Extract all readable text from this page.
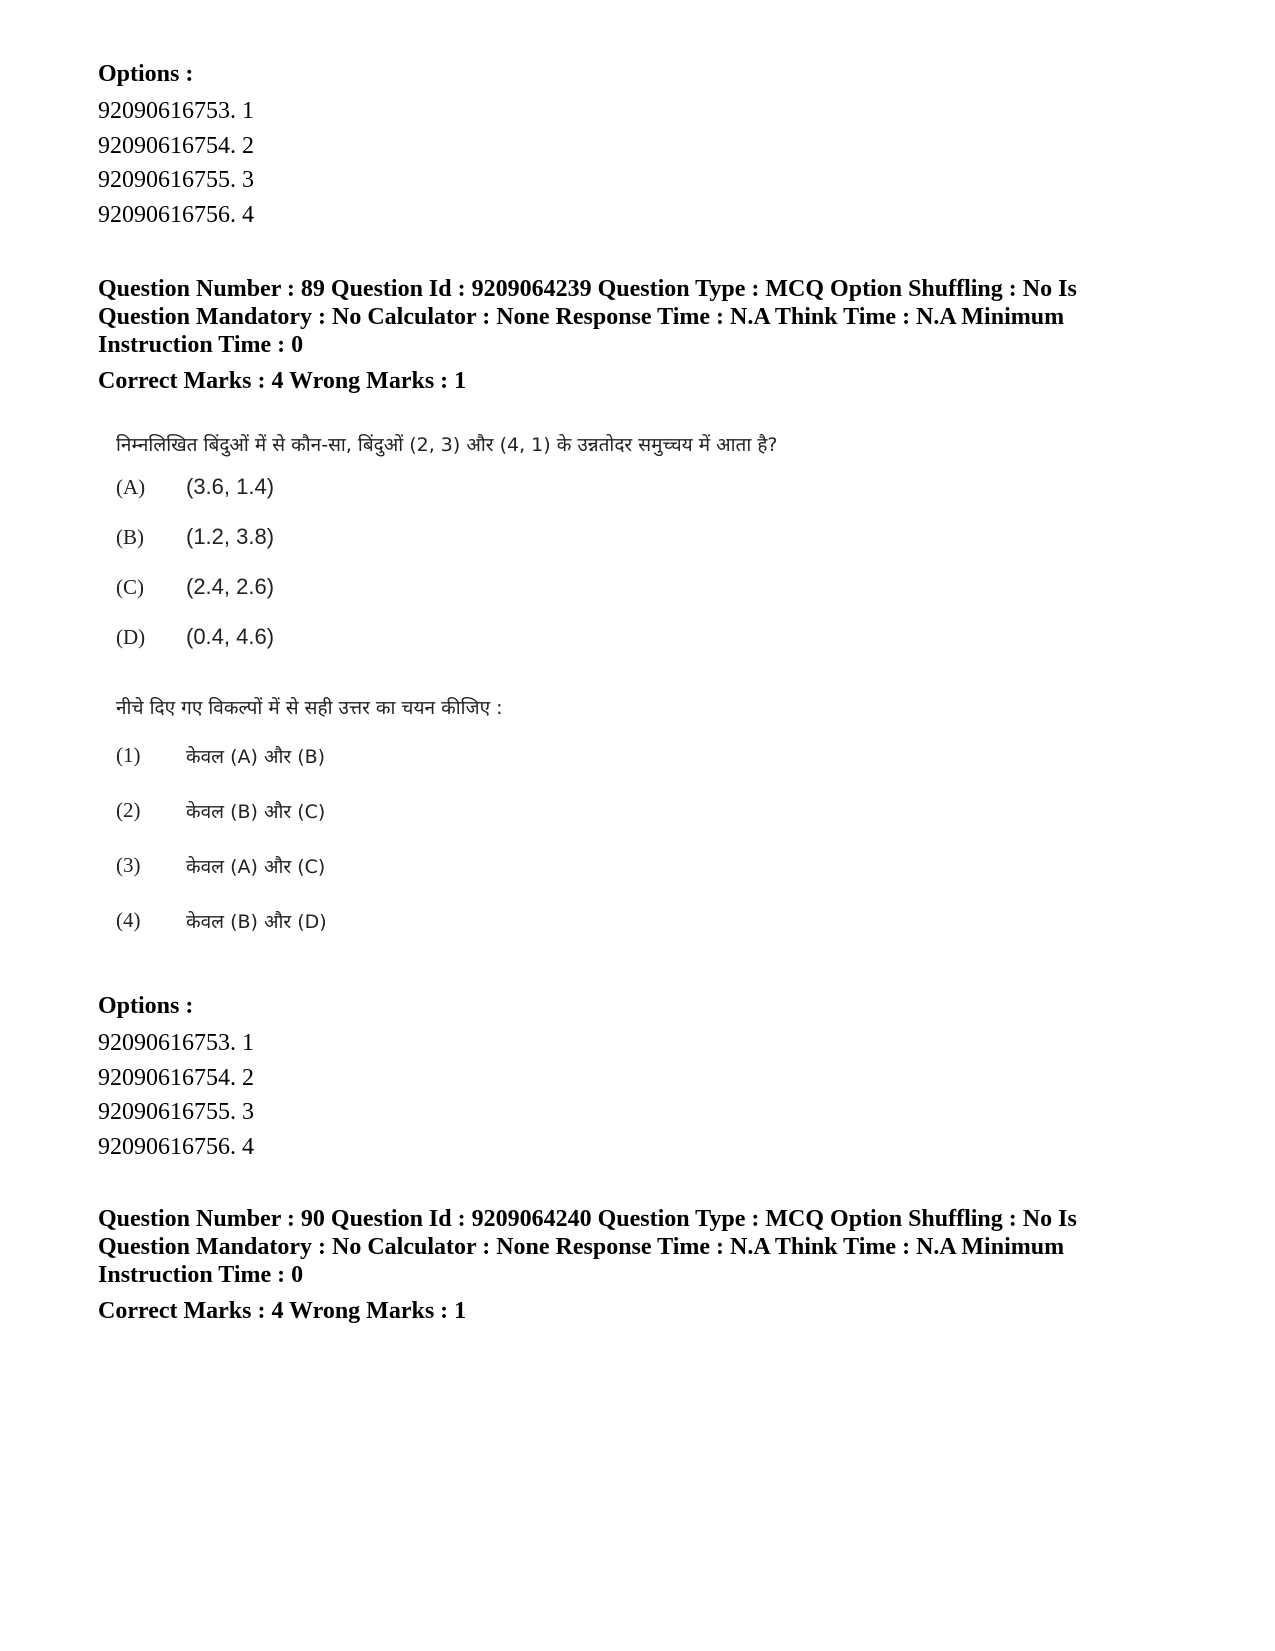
Options :

92090616753. 1
92090616754. 2
92090616755. 3
92090616756. 4

Question Number : 89 Question Id : 9209064239 Question Type : MCQ Option Shuffling : No Is Question Mandatory : No Calculator : None Response Time : N.A Think Time : N.A Minimum Instruction Time : 0

Correct Marks : 4 Wrong Marks : 1

निम्नलिखित बिंदुओं में से कौन-सा, बिंदुओं (2, 3) और (4, 1) के उन्नतोदर समुच्चय में आता है?
(A)	(3.6, 1.4)
(B)	(1.2, 3.8)
(C)	(2.4, 2.6)
(D)	(0.4, 4.6)
नीचे दिए गए विकल्पों में से सही उत्तर का चयन कीजिए :
(1)	केवल (A) और (B)
(2)	केवल (B) और (C)
(3)	केवल (A) और (C)
(4)	केवल (B) और (D)

Options :

92090616753. 1
92090616754. 2
92090616755. 3
92090616756. 4

Question Number : 90 Question Id : 9209064240 Question Type : MCQ Option Shuffling : No Is Question Mandatory : No Calculator : None Response Time : N.A Think Time : N.A Minimum Instruction Time : 0

Correct Marks : 4 Wrong Marks : 1
